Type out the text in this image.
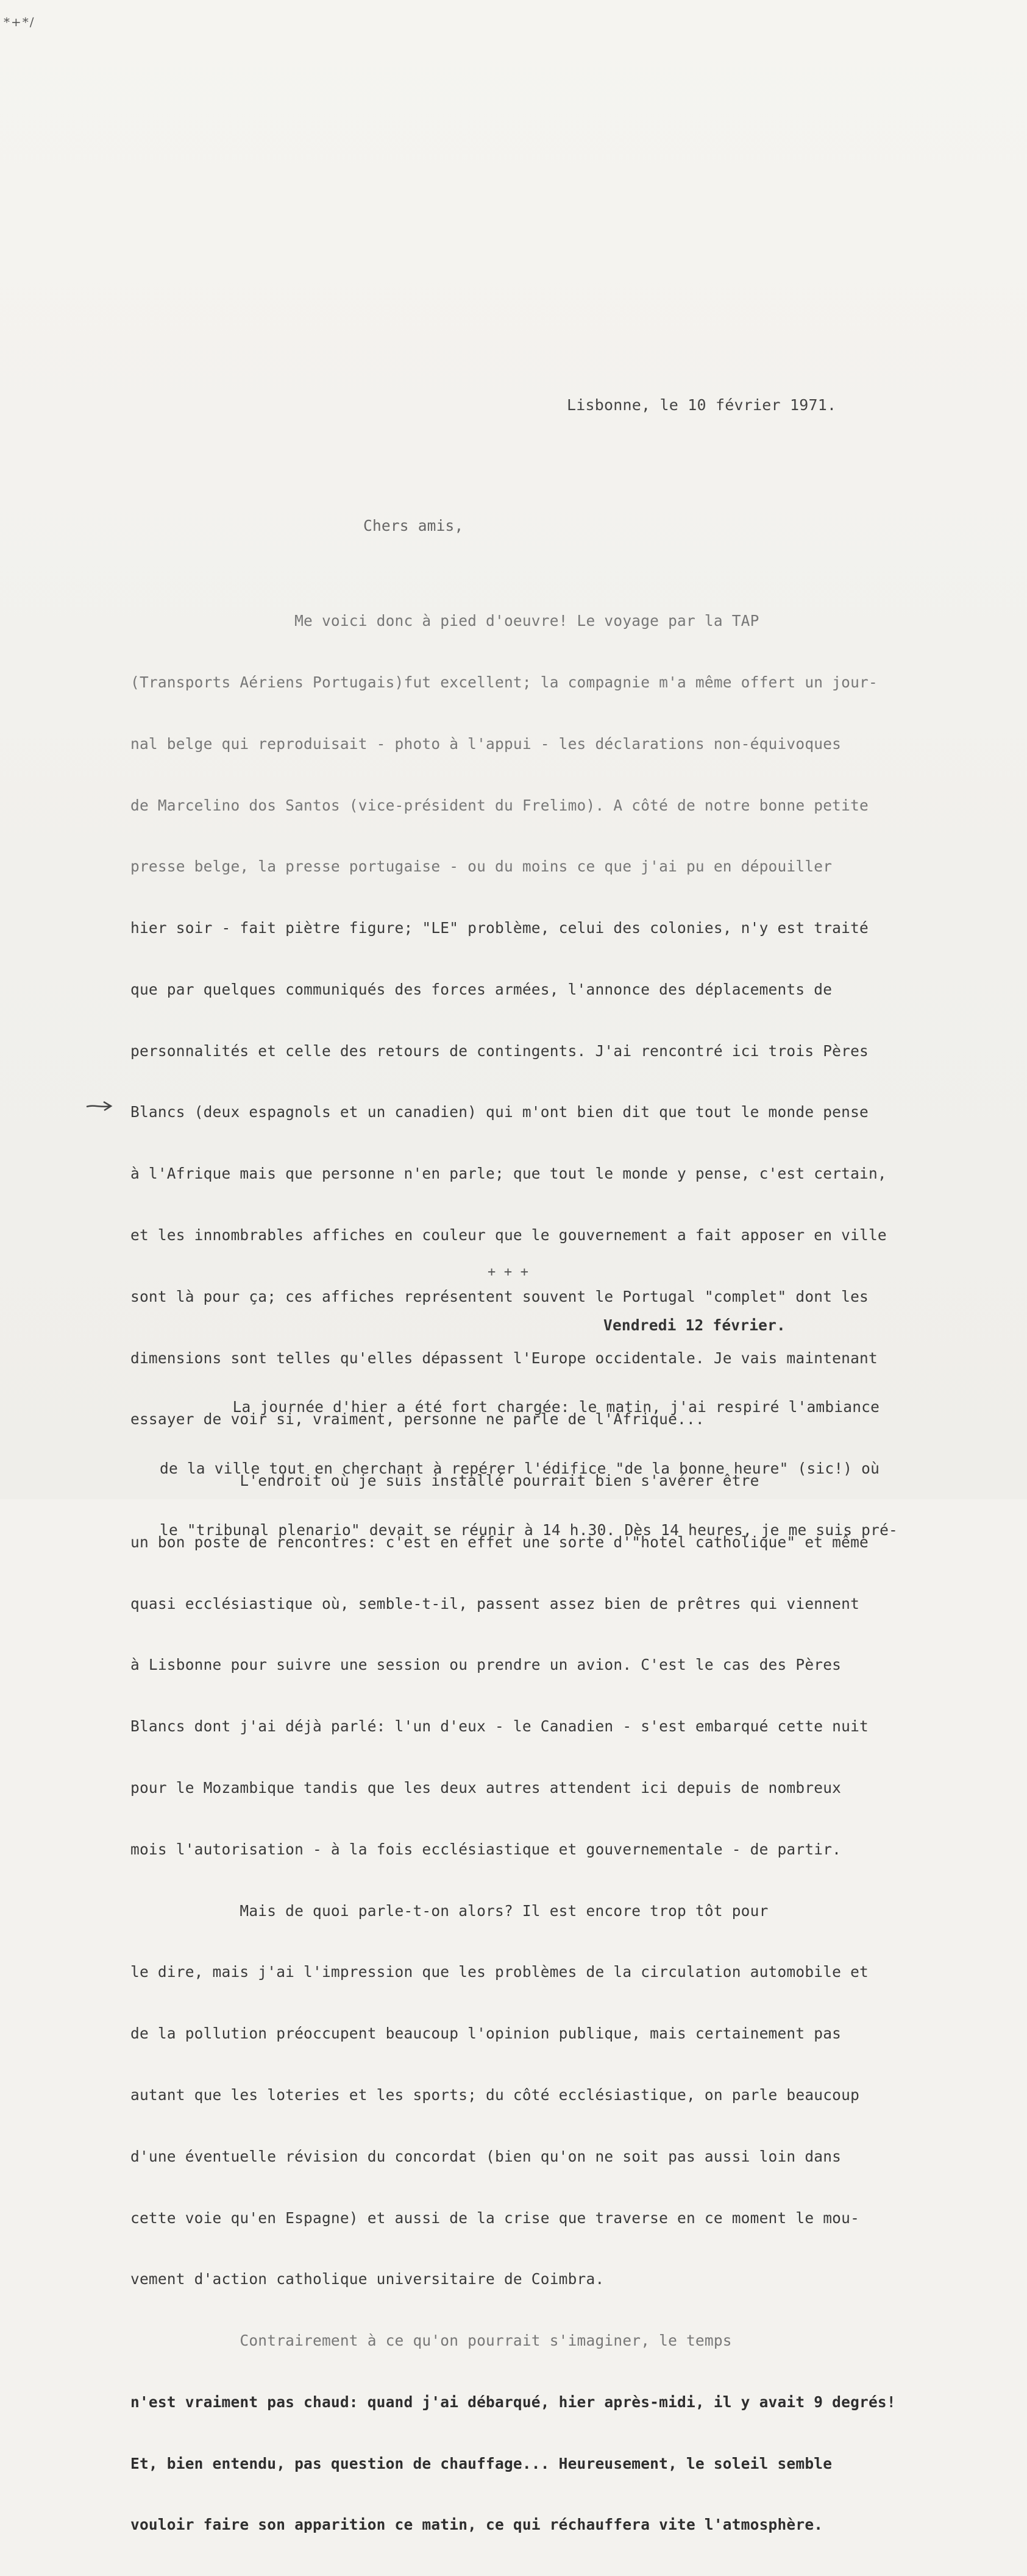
*+*/
Lisbonne, le 10 février 1971.
Chers amis,

Me voici donc à pied d'oeuvre! Le voyage par la TAP

(Transports Aériens Portugais)fut excellent; la compagnie m'a même offert un jour-

nal belge qui reproduisait - photo à l'appui - les déclarations non-équivoques

de Marcelino dos Santos (vice-président du Frelimo). A côté de notre bonne petite

presse belge, la presse portugaise - ou du moins ce que j'ai pu en dépouiller

hier soir - fait piètre figure; "LE" problème, celui des colonies, n'y est traité

que par quelques communiqués des forces armées, l'annonce des déplacements de

personnalités et celle des retours de contingents. J'ai rencontré ici trois Pères

Blancs (deux espagnols et un canadien) qui m'ont bien dit que tout le monde pense

à l'Afrique mais que personne n'en parle; que tout le monde y pense, c'est certain,

et les innombrables affiches en couleur que le gouvernement a fait apposer en ville

sont là pour ça; ces affiches représentent souvent le Portugal "complet" dont les

dimensions sont telles qu'elles dépassent l'Europe occidentale. Je vais maintenant

essayer de voir si, vraiment, personne ne parle de l'Afrique...

L'endroit où je suis installé pourrait bien s'avérer être

un bon poste de rencontres: c'est en effet une sorte d'"hotel catholique" et même

quasi ecclésiastique où, semble-t-il, passent assez bien de prêtres qui viennent

à Lisbonne pour suivre une session ou prendre un avion. C'est le cas des Pères

Blancs dont j'ai déjà parlé: l'un d'eux - le Canadien - s'est embarqué cette nuit

pour le Mozambique tandis que les deux autres attendent ici depuis de nombreux

mois l'autorisation - à la fois ecclésiastique et gouvernementale - de partir.

Mais de quoi parle-t-on alors? Il est encore trop tôt pour

le dire, mais j'ai l'impression que les problèmes de la circulation automobile et

de la pollution préoccupent beaucoup l'opinion publique, mais certainement pas

autant que les loteries et les sports; du côté ecclésiastique, on parle beaucoup

d'une éventuelle révision du concordat (bien qu'on ne soit pas aussi loin dans

cette voie qu'en Espagne) et aussi de la crise que traverse en ce moment le mou-

vement d'action catholique universitaire de Coimbra.

Contrairement à ce qu'on pourrait s'imaginer, le temps

n'est vraiment pas chaud: quand j'ai débarqué, hier après-midi, il y avait 9 degrés!

Et, bien entendu, pas question de chauffage... Heureusement, le soleil semble

vouloir faire son apparition ce matin, ce qui réchauffera vite l'atmosphère.

+ + +
Vendredi 12 février.

La journée d'hier a été fort chargée: le matin, j'ai respiré l'ambiance

de la ville tout en cherchant à repérer l'édifice "de la bonne heure" (sic!) où

le "tribunal plenario" devait se réunir à 14 h.30. Dès 14 heures, je me suis pré-
